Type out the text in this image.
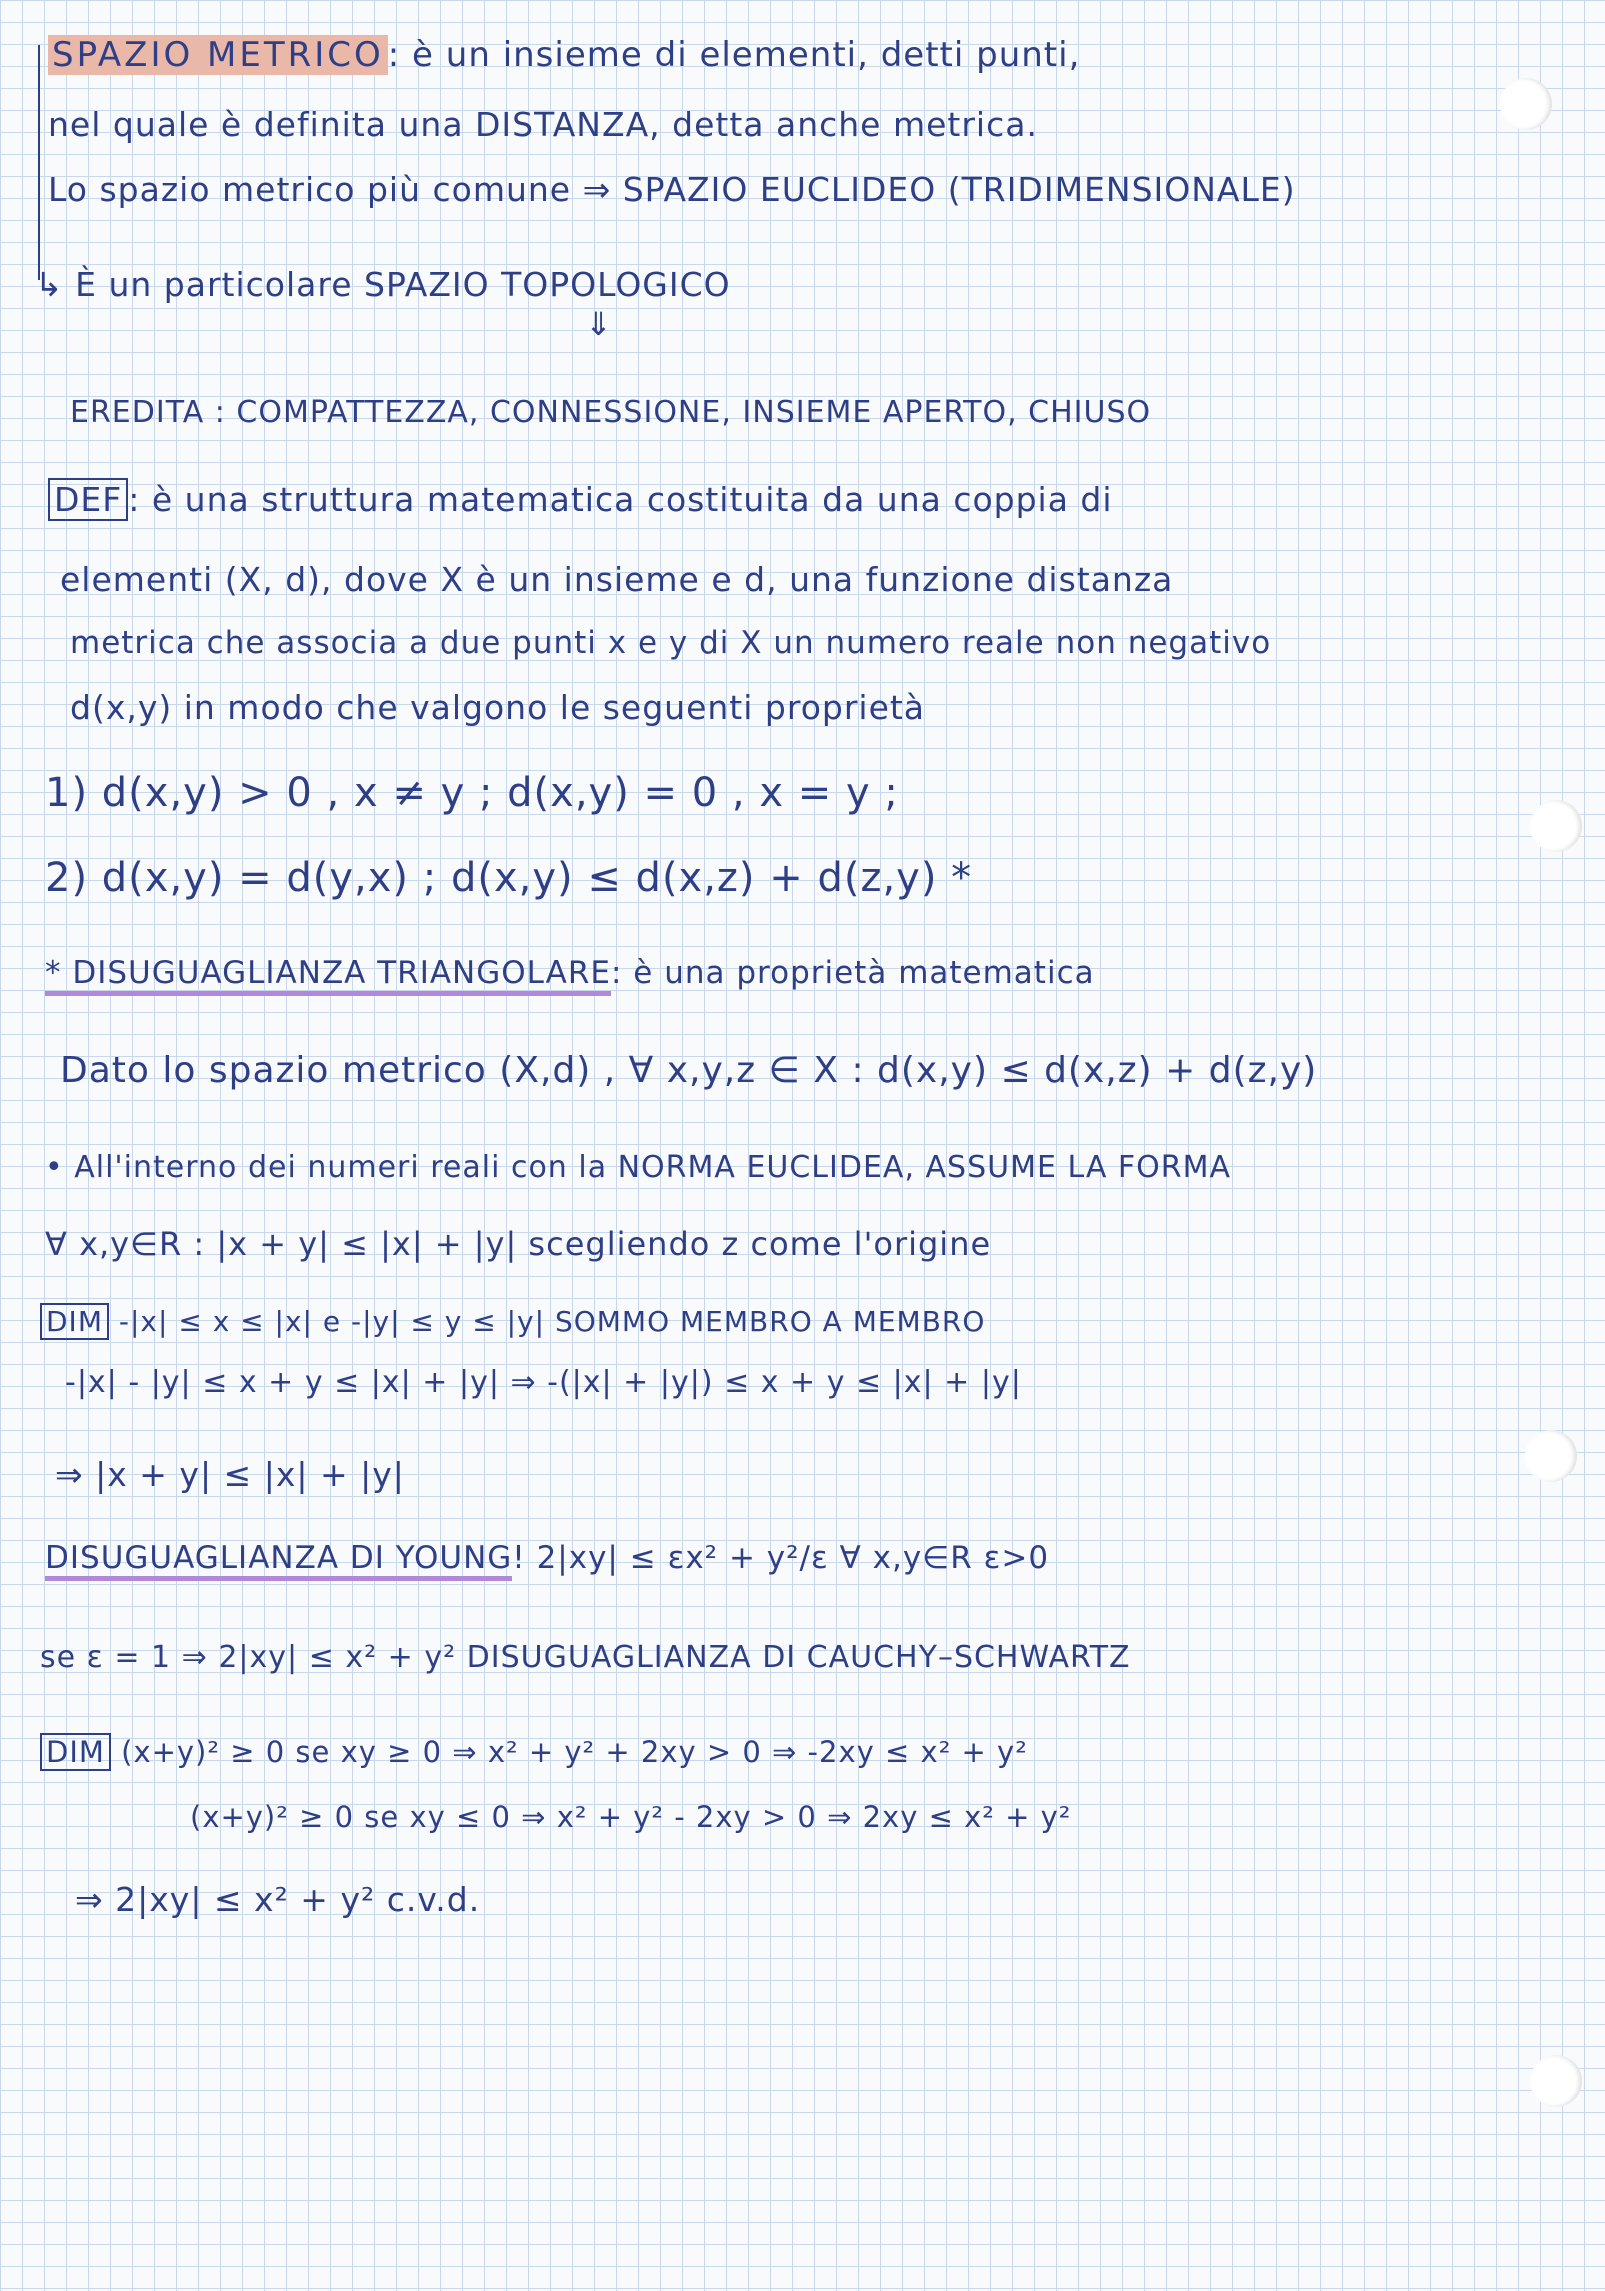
SPAZIO METRICO : è un insieme di elementi, detti punti,
nel quale è definita una DISTANZA, detta anche metrica.
Lo spazio metrico più comune ⇒ SPAZIO EUCLIDEO (TRIDIMENSIONALE)
↳ È un particolare SPAZIO TOPOLOGICO
⇓
EREDITA : COMPATTEZZA, CONNESSIONE, INSIEME APERTO, CHIUSO
DEF : è una struttura matematica costituita da una coppia di
elementi (X, d), dove X è un insieme e d, una funzione distanza
metrica che associa a due punti x e y di X un numero reale non negativo
d(x,y) in modo che valgono le seguenti proprietà
1) d(x,y) > 0 , x ≠ y ; d(x,y) = 0 , x = y ;
2) d(x,y) = d(y,x) ; d(x,y) ≤ d(x,z) + d(z,y) *
* DISUGUAGLIANZA TRIANGOLARE: è una proprietà matematica
Dato lo spazio metrico (X,d) , ∀ x,y,z ∈ X : d(x,y) ≤ d(x,z) + d(z,y)
• All'interno dei numeri reali con la NORMA EUCLIDEA, ASSUME LA FORMA
∀ x,y∈R : |x + y| ≤ |x| + |y| scegliendo z come l'origine
DIM -|x| ≤ x ≤ |x| e -|y| ≤ y ≤ |y| SOMMO MEMBRO A MEMBRO
-|x| - |y| ≤ x + y ≤ |x| + |y| ⇒ -(|x| + |y|) ≤ x + y ≤ |x| + |y|
⇒ |x + y| ≤ |x| + |y|
DISUGUAGLIANZA DI YOUNG! 2|xy| ≤ εx² + y²/ε ∀ x,y∈R ε>0
se ε = 1 ⇒ 2|xy| ≤ x² + y² DISUGUAGLIANZA DI CAUCHY–SCHWARTZ
DIM (x+y)² ≥ 0 se xy ≥ 0 ⇒ x² + y² + 2xy > 0 ⇒ -2xy ≤ x² + y²
(x+y)² ≥ 0 se xy ≤ 0 ⇒ x² + y² - 2xy > 0 ⇒ 2xy ≤ x² + y²
⇒ 2|xy| ≤ x² + y² c.v.d.
